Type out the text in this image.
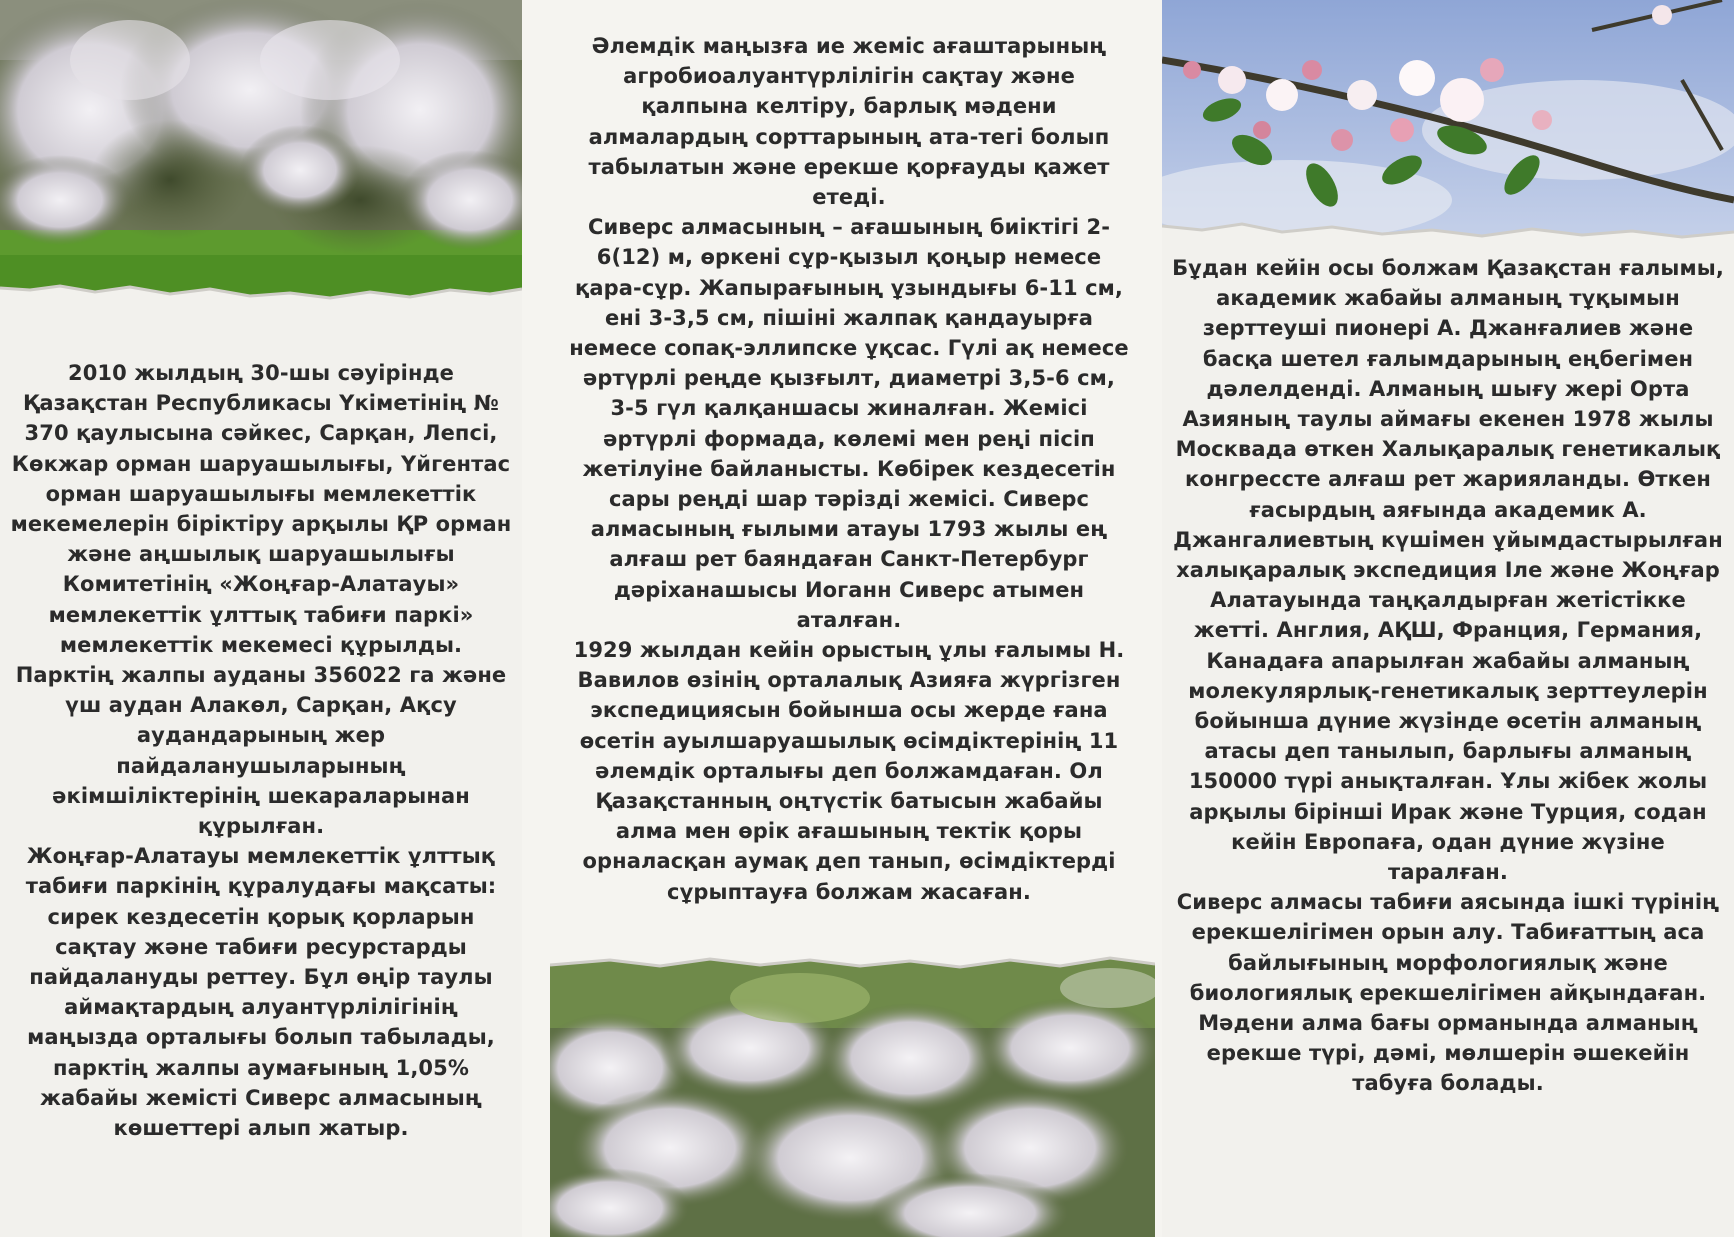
2010 жылдың 30-шы сәуірінде Қазақстан Республикасы Үкіметінің № 370 қаулысына сәйкес, Сарқан, Лепсі, Көкжар орман шаруашылығы, Үйгентас орман шаруашылығы мемлекеттік мекемелерін біріктіру арқылы ҚР орман және аңшылық шаруашылығы Комитетінің «Жоңғар-Алатауы» мемлекеттік ұлттық табиғи паркі» мемлекеттік мекемесі құрылды.
Парктің жалпы ауданы 356022 га және үш аудан Алакөл, Сарқан, Ақсу аудандарының жер пайдаланушыларының әкімшіліктерінің шекараларынан құрылған.
Жоңғар-Алатауы мемлекеттік ұлттық табиғи паркінің құралудағы мақсаты: сирек кездесетін қорық қорларын сақтау және табиғи ресурстарды пайдалануды реттеу. Бұл өңір таулы аймақтардың алуантүрлілігінің маңызда орталығы болып табылады, парктің жалпы аумағының 1,05% жабайы жемісті Сиверс алмасының көшеттері алып жатыр.
Әлемдік маңызға ие жеміс ағаштарының агробиоалуантүрлілігін сақтау және қалпына келтіру, барлық мәдени алмалардың сорттарының ата-тегі болып табылатын және ерекше қорғауды қажет етеді.
Сиверс алмасының – ағашының биіктігі 2-6(12) м, өркені сұр-қызыл қоңыр немесе қара-сұр. Жапырағының ұзындығы 6-11 см, ені 3-3,5 см, пішіні жалпақ қандауырға немесе сопақ-эллипске ұқсас. Гүлі ақ немесе әртүрлі реңде қызғылт, диаметрі 3,5-6 см, 3-5 гүл қалқаншасы жиналған. Жемісі әртүрлі формада, көлемі мен реңі пісіп жетілуіне байланысты. Көбірек кездесетін сары реңді шар тәрізді жемісі. Сиверс алмасының ғылыми атауы 1793 жылы ең алғаш рет баяндаған Санкт-Петербург дәріханашысы Иоганн Сиверс атымен аталған.
1929 жылдан кейін орыстың ұлы ғалымы Н. Вавилов өзінің орталалық Азияға жүргізген экспедициясын бойынша осы жерде ғана өсетін ауылшаруашылық өсімдіктерінің 11 әлемдік орталығы деп болжамдаған. Ол Қазақстанның оңтүстік батысын жабайы алма мен өрік ағашының тектік қоры орналасқан аумақ деп танып, өсімдіктерді сұрыптауға болжам жасаған.
Бұдан кейін осы болжам Қазақстан ғалымы, академик жабайы алманың тұқымын зерттеуші пионері А. Джанғалиев және басқа шетел ғалымдарының еңбегімен дәлелденді. Алманың шығу жері Орта Азияның таулы аймағы екенен 1978 жылы Москвада өткен Халықаралық генетикалық конгрессте алғаш рет жарияланды. Өткен ғасырдың аяғында академик А. Джангалиевтың күшімен ұйымдастырылған халықаралық экспедиция Іле және Жоңғар Алатауында таңқалдырған жетістікке жетті. Англия, АҚШ, Франция, Германия, Канадаға апарылған жабайы алманың молекулярлық-генетикалық зерттеулерін бойынша дүние жүзінде өсетін алманың атасы деп танылып, барлығы алманың 150000 түрі анықталған. Ұлы жібек жолы арқылы бірінші Ирак және Турция, содан кейін Европаға, одан дүние жүзіне таралған.
Сиверс алмасы табиғи аясында ішкі түрінің ерекшелігімен орын алу. Табиғаттың аса байлығының морфологиялық және биологиялық ерекшелігімен айқындаған. Мәдени алма бағы орманында алманың ерекше түрі, дәмі, мөлшерін әшекейін табуға болады.
